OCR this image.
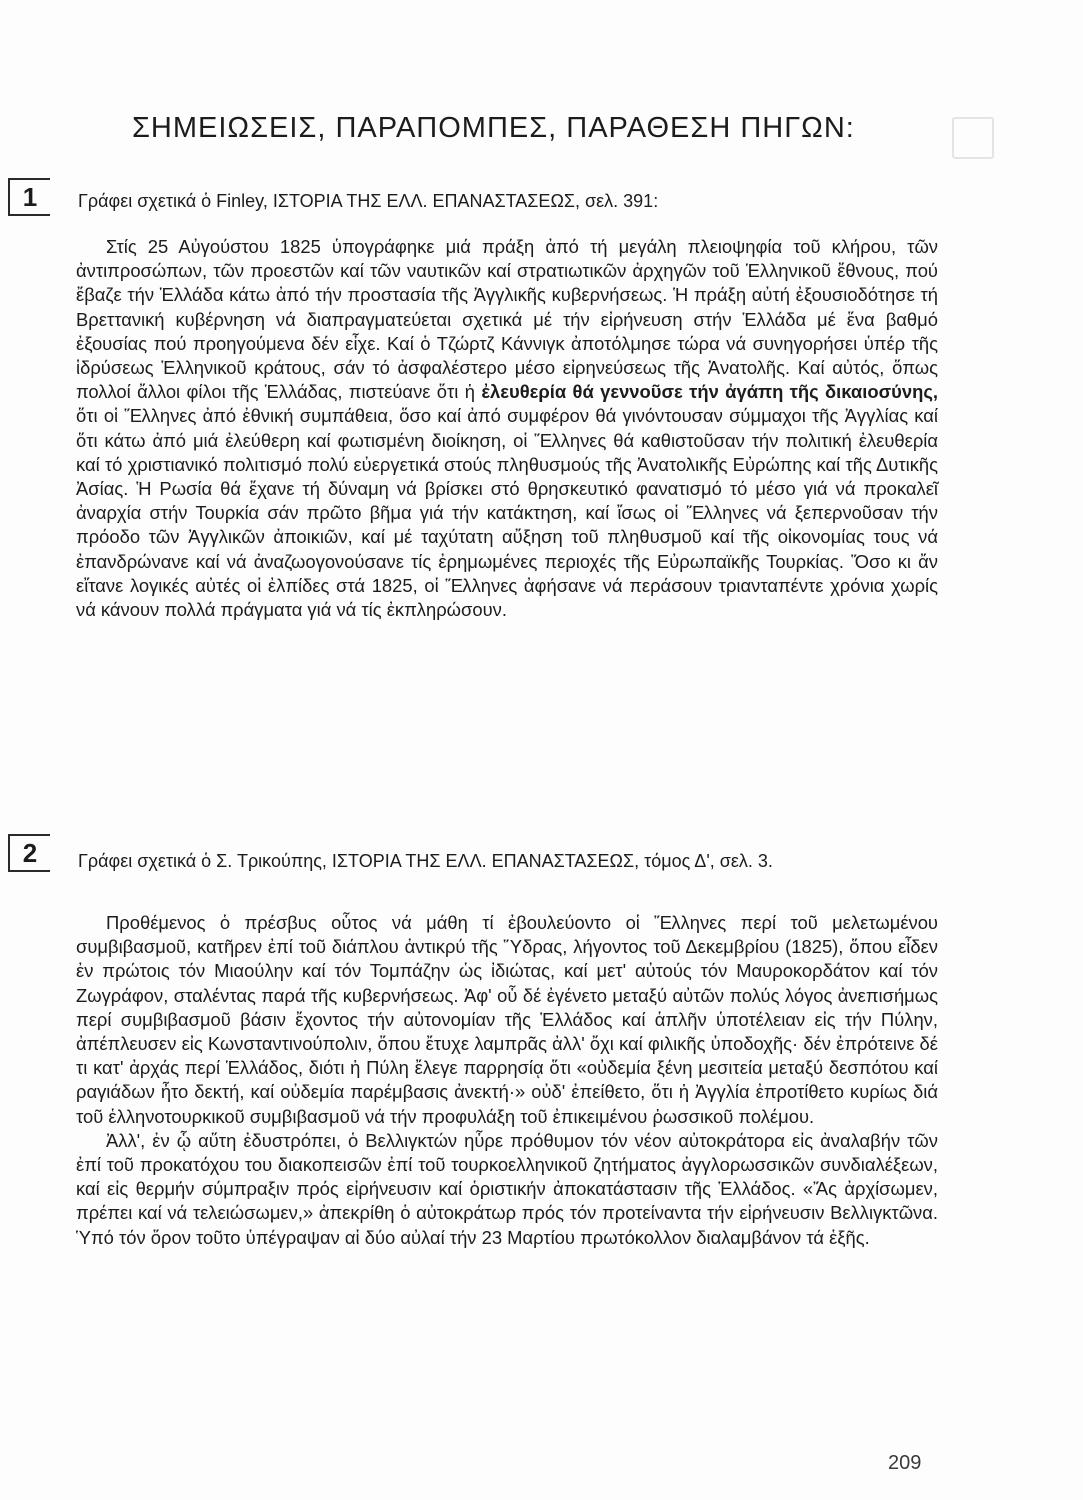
ΣΗΜΕΙΩΣΕΙΣ, ΠΑΡΑΠΟΜΠΕΣ, ΠΑΡΑΘΕΣΗ ΠΗΓΩΝ:
1	Γράφει σχετικά ὁ Finley, ΙΣΤΟΡΙΑ ΤΗΣ ΕΛΛ. ΕΠΑΝΑΣΤΑΣΕΩΣ, σελ. 391:

Στίς 25 Αὐγούστου 1825 ὑπογράφηκε μιά πράξη ἀπό τή μεγάλη πλειοψηφία τοῦ κλήρου, τῶν ἀντιπροσώπων, τῶν προεστῶν καί τῶν ναυτικῶν καί στρατιωτικῶν ἀρχηγῶν τοῦ Ἑλληνικοῦ ἔθνους, πού ἔβαζε τήν Ἑλλάδα κάτω ἀπό τήν προστασία τῆς Ἀγγλικῆς κυβερνήσεως. Ἡ πράξη αὐτή ἐξουσιοδότησε τή Βρεττανική κυβέρνηση νά διαπραγματεύεται σχετικά μέ τήν εἰρήνευση στήν Ἑλλάδα μέ ἕνα βαθμό ἐξουσίας πού προηγούμενα δέν εἶχε. Καί ὁ Τζώρτζ Κάννιγκ ἀποτόλμησε τώρα νά συνηγορήσει ὑπέρ τῆς ἱδρύσεως Ἑλληνικοῦ κράτους, σάν τό ἀσφαλέστερο μέσο εἰρηνεύσεως τῆς Ἀνατολῆς. Καί αὐτός, ὅπως πολλοί ἄλλοι φίλοι τῆς Ἑλλάδας, πιστεύανε ὅτι ἡ ἐλευθερία θά γεννοῦσε τήν ἀγάπη τῆς δικαιοσύνης, ὅτι οἱ Ἕλληνες ἀπό ἐθνική συμπάθεια, ὅσο καί ἀπό συμφέρον θά γινόντουσαν σύμμαχοι τῆς Ἀγγλίας καί ὅτι κάτω ἀπό μιά ἐλεύθερη καί φωτισμένη διοίκηση, οἱ Ἕλληνες θά καθιστοῦσαν τήν πολιτική ἐλευθερία καί τό χριστιανικό πολιτισμό πολύ εὐεργετικά στούς πληθυσμούς τῆς Ἀνατολικῆς Εὐρώπης καί τῆς Δυτικῆς Ἀσίας. Ἡ Ρωσία θά ἔχανε τή δύναμη νά βρίσκει στό θρησκευτικό φανατισμό τό μέσο γιά νά προκαλεῖ ἀναρχία στήν Τουρκία σάν πρῶτο βῆμα γιά τήν κατάκτηση, καί ἴσως οἱ Ἕλληνες νά ξεπερνοῦσαν τήν πρόοδο τῶν Ἀγγλικῶν ἀποικιῶν, καί μέ ταχύτατη αὔξηση τοῦ πληθυσμοῦ καί τῆς οἰκονομίας τους νά ἐπανδρώνανε καί νά ἀναζωογονούσανε τίς ἐρημωμένες περιοχές τῆς Εὐρωπαϊκῆς Τουρκίας. Ὅσο κι ἄν εἴτανε λογικές αὐτές οἱ ἐλπίδες στά 1825, οἱ Ἕλληνες ἀφήσανε νά περάσουν τριανταπέντε χρόνια χωρίς νά κάνουν πολλά πράγματα γιά νά τίς ἐκπληρώσουν.

2	Γράφει σχετικά ὁ Σ. Τρικούπης, ΙΣΤΟΡΙΑ ΤΗΣ ΕΛΛ. ΕΠΑΝΑΣΤΑΣΕΩΣ, τόμος Δ', σελ. 3.

Προθέμενος ὁ πρέσβυς οὗτος νά μάθη τί ἐβουλεύοντο οἱ Ἕλληνες περί τοῦ μελετωμένου συμβιβασμοῦ, κατῆρεν ἐπί τοῦ διάπλου ἀντικρύ τῆς Ὕδρας, λήγοντος τοῦ Δεκεμβρίου (1825), ὅπου εἶδεν ἐν πρώτοις τόν Μιαούλην καί τόν Τομπάζην ὡς ἰδιώτας, καί μετ' αὐτούς τόν Μαυροκορδάτον καί τόν Ζωγράφον, σταλέντας παρά τῆς κυβερνήσεως. Ἀφ' οὗ δέ ἐγένετο μεταξύ αὐτῶν πολύς λόγος ἀνεπισήμως περί συμβιβασμοῦ βάσιν ἔχοντος τήν αὐτονομίαν τῆς Ἑλλάδος καί ἁπλῆν ὑποτέλειαν εἰς τήν Πύλην, ἀπέπλευσεν εἰς Κωνσταντινούπολιν, ὅπου ἔτυχε λαμπρᾶς ἀλλ' ὄχι καί φιλικῆς ὑποδοχῆς· δέν ἐπρότεινε δέ τι κατ' ἀρχάς περί Ἑλλάδος, διότι ἡ Πύλη ἔλεγε παρρησίᾳ ὅτι «οὐδεμία ξένη μεσιτεία μεταξύ δεσπότου καί ραγιάδων ἦτο δεκτή, καί οὐδεμία παρέμβασις ἀνεκτή·» οὐδ' ἐπείθετο, ὅτι ἡ Ἀγγλία ἐπροτίθετο κυρίως διά τοῦ ἑλληνοτουρκικοῦ συμβιβασμοῦ νά τήν προφυλάξη τοῦ ἐπικειμένου ῥωσσικοῦ πολέμου.

Ἀλλ', ἐν ᾧ αὕτη ἐδυστρόπει, ὁ Βελλιγκτών ηὗρε πρόθυμον τόν νέον αὐτοκράτορα εἰς ἀναλαβήν τῶν ἐπί τοῦ προκατόχου του διακοπεισῶν ἐπί τοῦ τουρκοελληνικοῦ ζητήματος ἀγγλορωσσικῶν συνδιαλέξεων, καί εἰς θερμήν σύμπραξιν πρός εἰρήνευσιν καί ὁριστικήν ἀποκατάστασιν τῆς Ἑλλάδος. «Ἄς ἀρχίσωμεν, πρέπει καί νά τελειώσωμεν,» ἀπεκρίθη ὁ αὐτοκράτωρ πρός τόν προτείναντα τήν εἰρήνευσιν Βελλιγκτῶνα. Ὑπό τόν ὅρον τοῦτο ὑπέγραψαν αἱ δύο αὐλαί τήν 23 Μαρτίου πρωτόκολλον διαλαμβάνον τά ἑξῆς.

209
